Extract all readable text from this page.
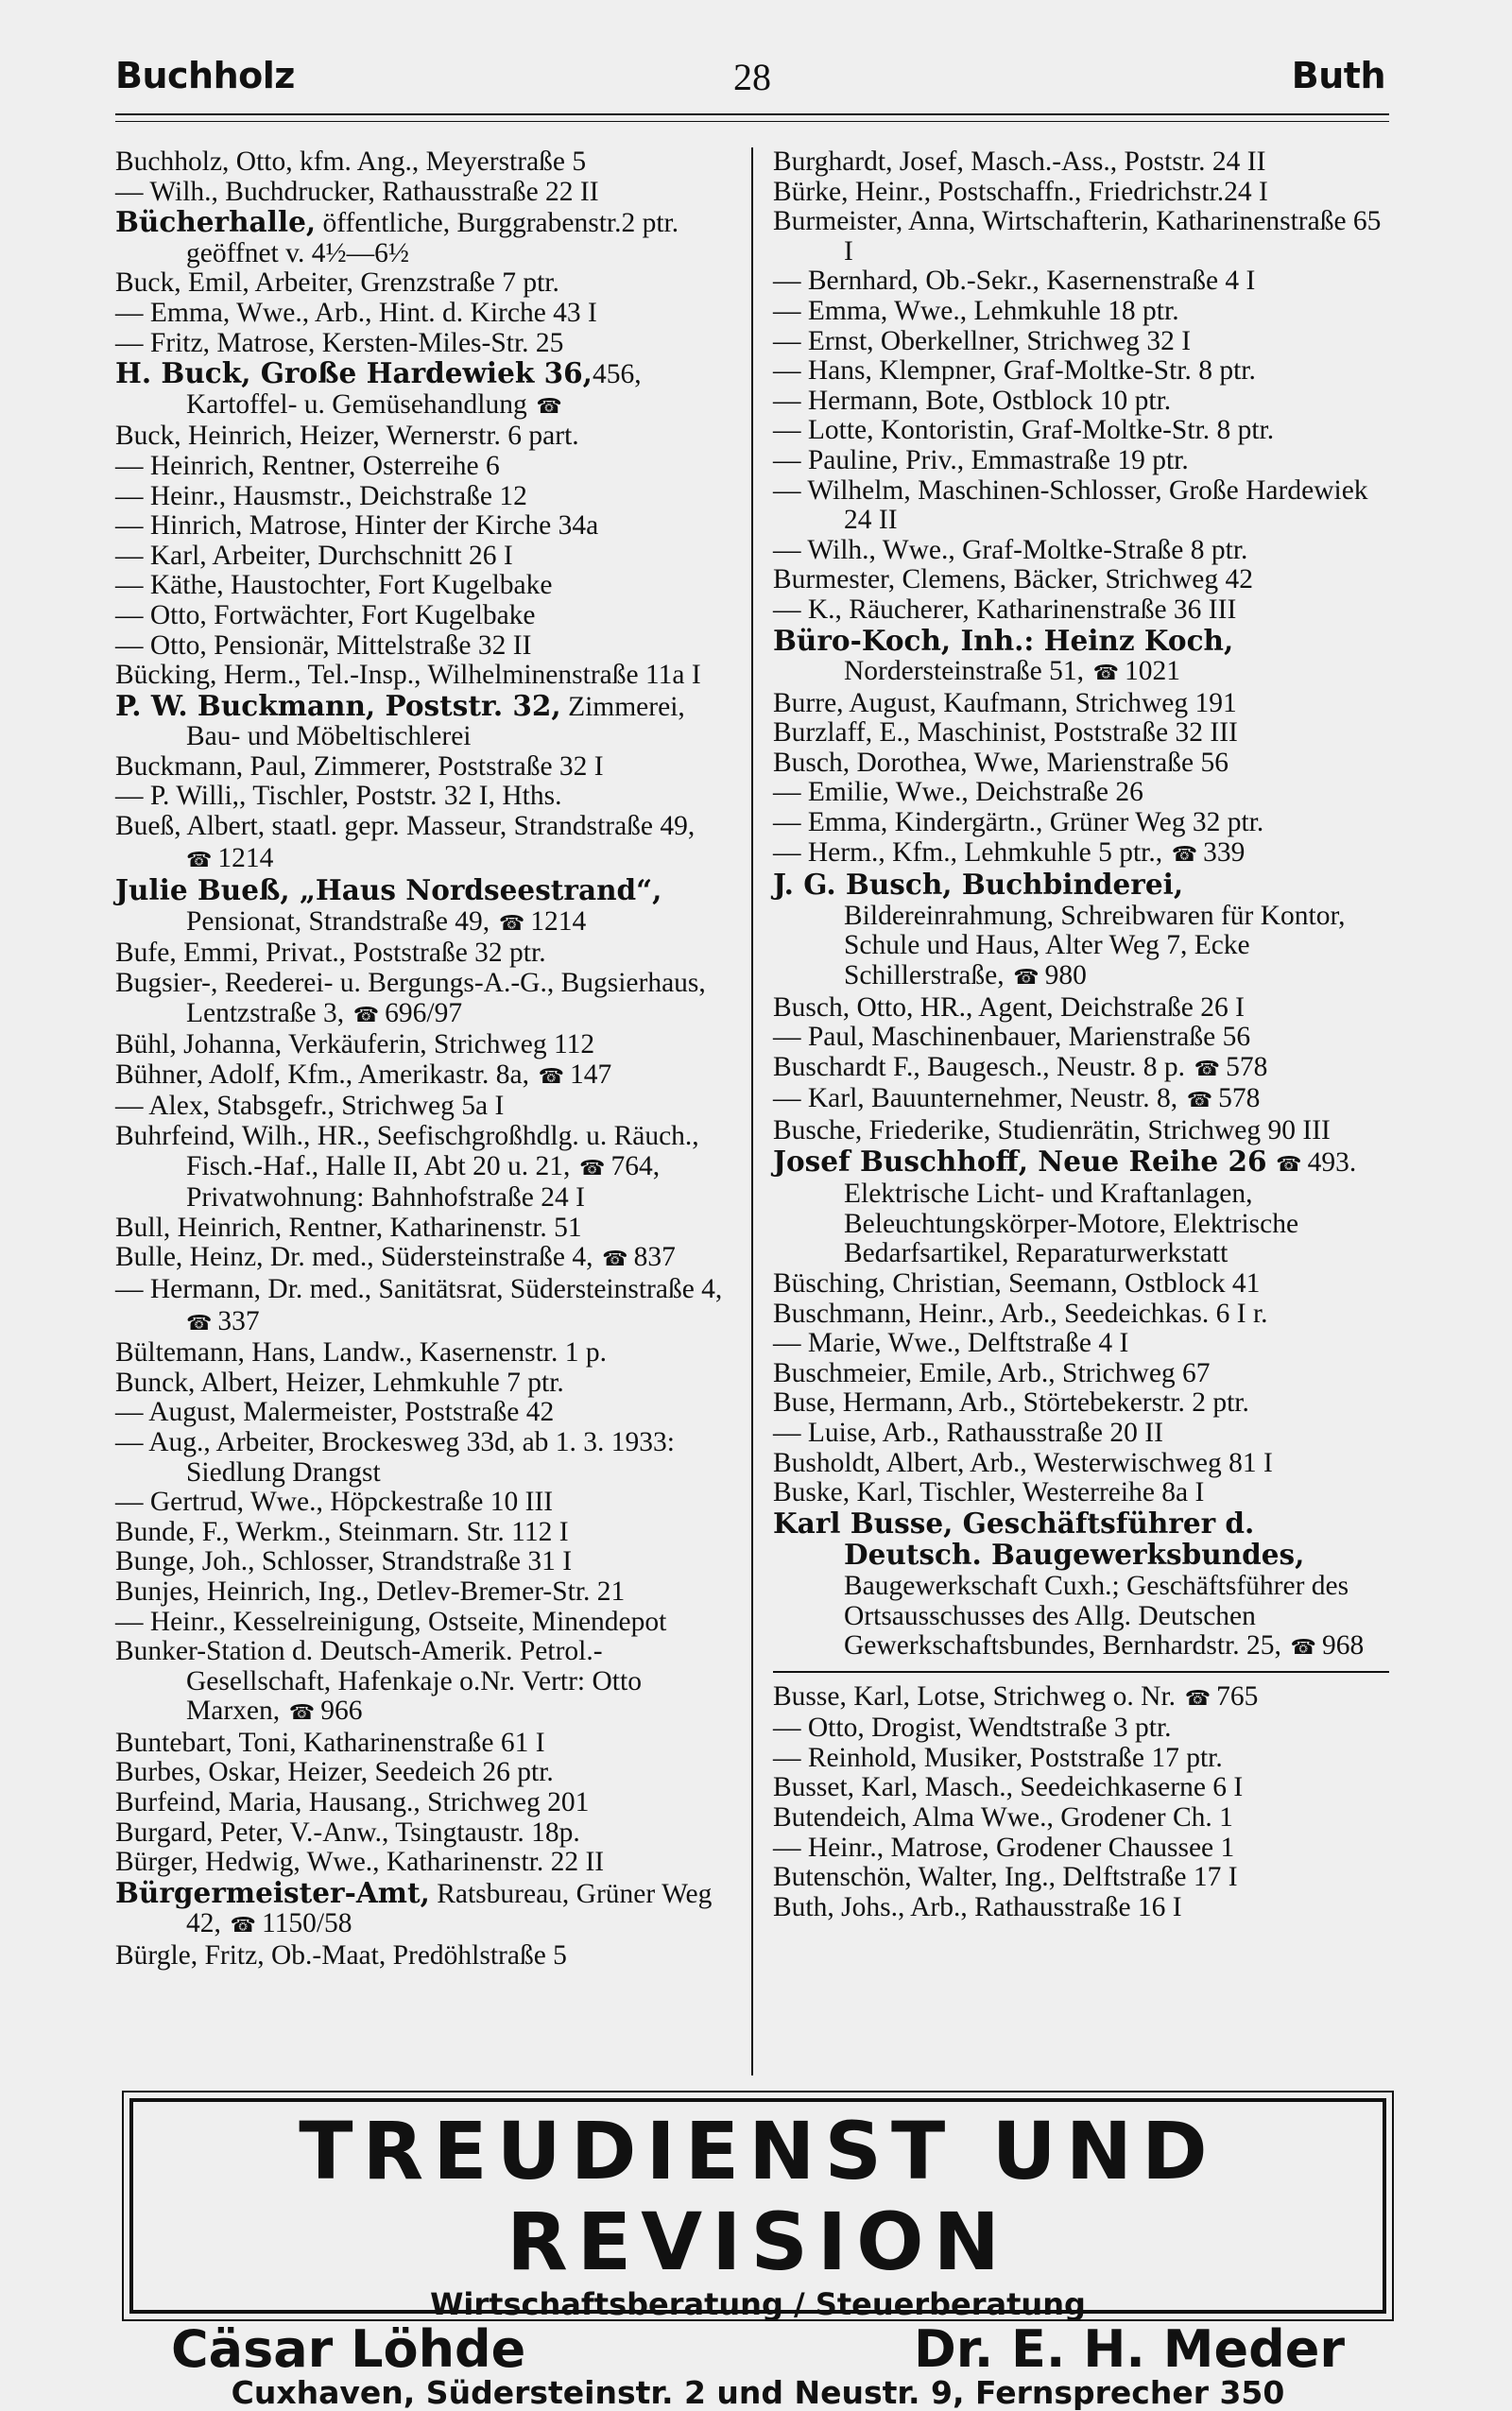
Buchholz	28	Buth

Buchholz, Otto, kfm. Ang., Meyerstraße 5

— Wilh., Buchdrucker, Rathausstraße 22 II

Bücherhalle, öffentliche, Burggrabenstr.2 ptr. geöffnet v. 4½—6½

Buck, Emil, Arbeiter, Grenzstraße 7 ptr.

— Emma, Wwe., Arb., Hint. d. Kirche 43 I

— Fritz, Matrose, Kersten-Miles-Str. 25

H. Buck, Große Hardewiek 36,456, Kartoffel- u. Gemüsehandlung ☎

Buck, Heinrich, Heizer, Wernerstr. 6 part.

— Heinrich, Rentner, Osterreihe 6

— Heinr., Hausmstr., Deichstraße 12

— Hinrich, Matrose, Hinter der Kirche 34a

— Karl, Arbeiter, Durchschnitt 26 I

— Käthe, Haustochter, Fort Kugelbake

— Otto, Fortwächter, Fort Kugelbake

— Otto, Pensionär, Mittelstraße 32 II

Bücking, Herm., Tel.-Insp., Wilhelminenstraße 11a I

P. W. Buckmann, Poststr. 32, Zimmerei, Bau- und Möbeltischlerei

Buckmann, Paul, Zimmerer, Poststraße 32 I

— P. Willi,, Tischler, Poststr. 32 I, Hths.

Bueß, Albert, staatl. gepr. Masseur, Strandstraße 49, ☎ 1214

Julie Bueß, „Haus Nordseestrand“, Pensionat, Strandstraße 49, ☎ 1214

Bufe, Emmi, Privat., Poststraße 32 ptr.

Bugsier-, Reederei- u. Bergungs-A.-G., Bugsierhaus, Lentzstraße 3, ☎ 696/97

Bühl, Johanna, Verkäuferin, Strichweg 112

Bühner, Adolf, Kfm., Amerikastr. 8a, ☎ 147

— Alex, Stabsgefr., Strichweg 5a I

Buhrfeind, Wilh., HR., Seefischgroßhdlg. u. Räuch., Fisch.-Haf., Halle II, Abt 20 u. 21, ☎ 764, Privatwohnung: Bahnhofstraße 24 I

Bull, Heinrich, Rentner, Katharinenstr. 51

Bulle, Heinz, Dr. med., Südersteinstraße 4, ☎ 837

— Hermann, Dr. med., Sanitätsrat, Südersteinstraße 4, ☎ 337

Bültemann, Hans, Landw., Kasernenstr. 1 p.

Bunck, Albert, Heizer, Lehmkuhle 7 ptr.

— August, Malermeister, Poststraße 42

— Aug., Arbeiter, Brockesweg 33d, ab 1. 3. 1933: Siedlung Drangst

— Gertrud, Wwe., Höpckestraße 10 III

Bunde, F., Werkm., Steinmarn. Str. 112 I

Bunge, Joh., Schlosser, Strandstraße 31 I

Bunjes, Heinrich, Ing., Detlev-Bremer-Str. 21

— Heinr., Kesselreinigung, Ostseite, Minendepot

Bunker-Station d. Deutsch-Amerik. Petrol.-Gesellschaft, Hafenkaje o.Nr. Vertr: Otto Marxen, ☎ 966

Buntebart, Toni, Katharinenstraße 61 I

Burbes, Oskar, Heizer, Seedeich 26 ptr.

Burfeind, Maria, Hausang., Strichweg 201

Burgard, Peter, V.-Anw., Tsingtaustr. 18p.

Bürger, Hedwig, Wwe., Katharinenstr. 22 II

Bürgermeister-Amt, Ratsbureau, Grüner Weg 42, ☎ 1150/58

Bürgle, Fritz, Ob.-Maat, Predöhlstraße 5

Burghardt, Josef, Masch.-Ass., Poststr. 24 II

Bürke, Heinr., Postschaffn., Friedrichstr.24 I

Burmeister, Anna, Wirtschafterin, Katharinenstraße 65 I

— Bernhard, Ob.-Sekr., Kasernenstraße 4 I

— Emma, Wwe., Lehmkuhle 18 ptr.

— Ernst, Oberkellner, Strichweg 32 I

— Hans, Klempner, Graf-Moltke-Str. 8 ptr.

— Hermann, Bote, Ostblock 10 ptr.

— Lotte, Kontoristin, Graf-Moltke-Str. 8 ptr.

— Pauline, Priv., Emmastraße 19 ptr.

— Wilhelm, Maschinen-Schlosser, Große Hardewiek 24 II

— Wilh., Wwe., Graf-Moltke-Straße 8 ptr.

Burmester, Clemens, Bäcker, Strichweg 42

— K., Räucherer, Katharinenstraße 36 III

Büro-Koch, Inh.: Heinz Koch, Nordersteinstraße 51, ☎ 1021

Burre, August, Kaufmann, Strichweg 191

Burzlaff, E., Maschinist, Poststraße 32 III

Busch, Dorothea, Wwe, Marienstraße 56

— Emilie, Wwe., Deichstraße 26

— Emma, Kindergärtn., Grüner Weg 32 ptr.

— Herm., Kfm., Lehmkuhle 5 ptr., ☎ 339

J. G. Busch, Buchbinderei, Bildereinrahmung, Schreibwaren für Kontor, Schule und Haus, Alter Weg 7, Ecke Schillerstraße, ☎ 980

Busch, Otto, HR., Agent, Deichstraße 26 I

— Paul, Maschinenbauer, Marienstraße 56

Buschardt F., Baugesch., Neustr. 8 p. ☎ 578

— Karl, Bauunternehmer, Neustr. 8, ☎ 578

Busche, Friederike, Studienrätin, Strichweg 90 III

Josef Buschhoff, Neue Reihe 26 ☎ 493. Elektrische Licht- und Kraftanlagen, Beleuchtungskörper-Motore, Elektrische Bedarfsartikel, Reparaturwerkstatt

Büsching, Christian, Seemann, Ostblock 41

Buschmann, Heinr., Arb., Seedeichkas. 6 I r.

— Marie, Wwe., Delftstraße 4 I

Buschmeier, Emile, Arb., Strichweg 67

Buse, Hermann, Arb., Störtebekerstr. 2 ptr.

— Luise, Arb., Rathausstraße 20 II

Busholdt, Albert, Arb., Westerwischweg 81 I

Buske, Karl, Tischler, Westerreihe 8a I

Karl Busse, Geschäftsführer d. Deutsch. Baugewerksbundes, Baugewerkschaft Cuxh.; Geschäftsführer des Ortsausschusses des Allg. Deutschen Gewerkschaftsbundes, Bernhardstr. 25, ☎ 968

Busse, Karl, Lotse, Strichweg o. Nr. ☎ 765

— Otto, Drogist, Wendtstraße 3 ptr.

— Reinhold, Musiker, Poststraße 17 ptr.

Busset, Karl, Masch., Seedeichkaserne 6 I

Butendeich, Alma Wwe., Grodener Ch. 1

— Heinr., Matrose, Grodener Chaussee 1

Butenschön, Walter, Ing., Delftstraße 17 I

Buth, Johs., Arb., Rathausstraße 16 I

TREUDIENST UND REVISION
Wirtschaftsberatung / Steuerberatung
Cäsar Löhde	Dr. E. H. Meder
Cuxhaven, Südersteinstr. 2 und Neustr. 9, Fernsprecher 350
